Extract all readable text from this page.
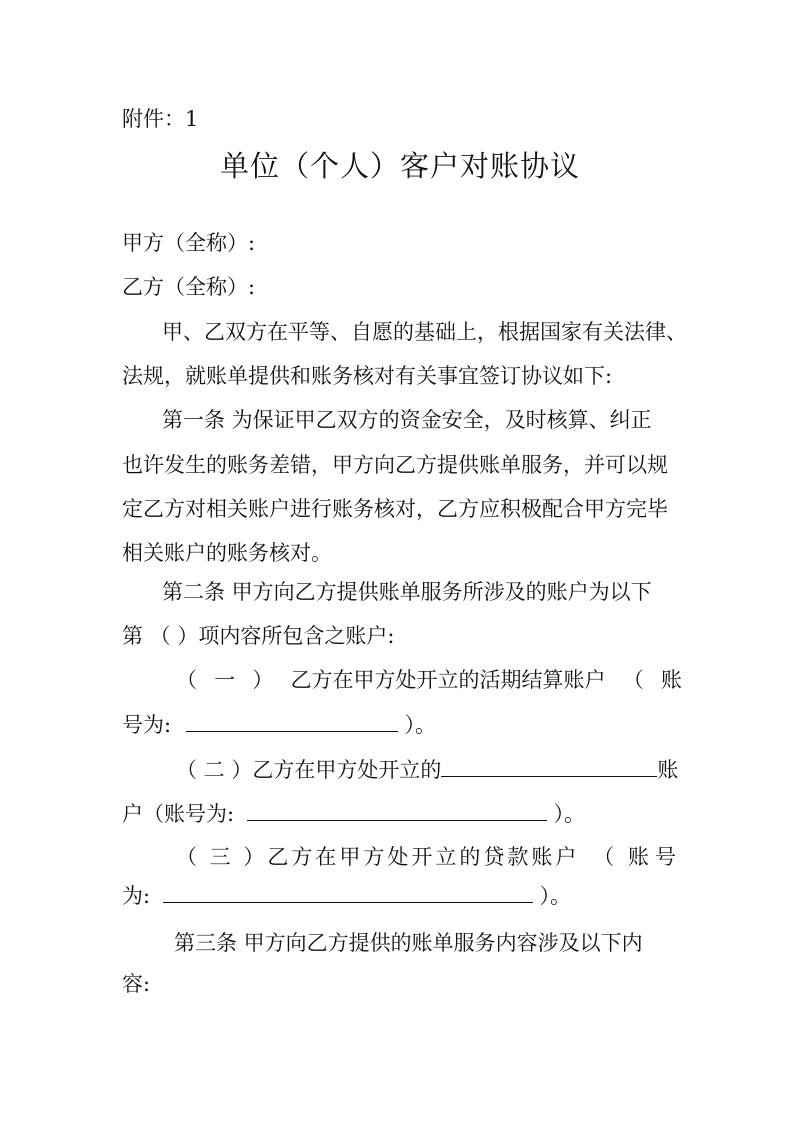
附件：1
单位（个人）客户对账协议
甲方（全称）:
乙方（全称）:
甲、乙双方在平等、自愿的基础上，根据国家有关法律、
法规，就账单提供和账务核对有关事宜签订协议如下:
第一条 为保证甲乙双方的资金安全，及时核算、纠正
也许发生的账务差错，甲方向乙方提供账单服务，并可以规
定乙方对相关账户进行账务核对，乙方应积极配合甲方完毕
相关账户的账务核对。
第二条 甲方向乙方提供账单服务所涉及的账户为以下
第 （ ）项内容所包含之账户:
（ 一 ） 乙方在甲方处开立的活期结算账户 （ 账
号为:	）。
（ 二 ）乙方在甲方处开立的	账
户（账号为:	）。
（ 三 ）乙方在甲方处开立的贷款账户 （ 账号
为:	）。
第三条 甲方向乙方提供的账单服务内容涉及以下内
容:
